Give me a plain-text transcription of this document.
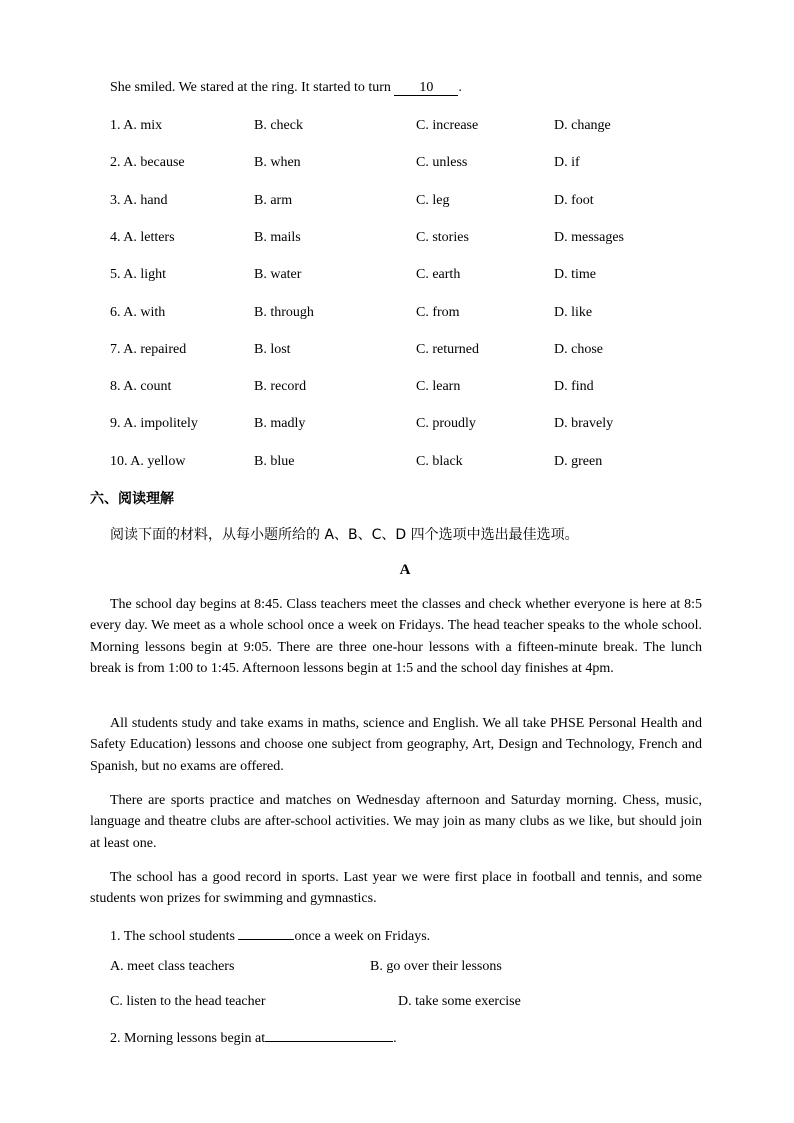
She smiled. We stared at the ring. It started to turn 10 .
1. A. mix	B. check	C. increase	D. change
2. A. because	B. when	C. unless	D. if
3. A. hand	B. arm	C. leg	D. foot
4. A. letters	B. mails	C. stories	D. messages
5. A. light	B. water	C. earth	D. time
6. A. with	B. through	C. from	D. like
7. A. repaired	B. lost	C. returned	D. chose
8. A. count	B. record	C. learn	D. find
9. A. impolitely	B. madly	C. proudly	D. bravely
10. A. yellow	B. blue	C. black	D. green
六、阅读理解
阅读下面的材料，从每小题所给的 A、B、C、D 四个选项中选出最佳选项。
A
The school day begins at 8:45. Class teachers meet the classes and check whether everyone is here at 8:5 every day. We meet as a whole school once a week on Fridays. The head teacher speaks to the whole school. Morning lessons begin at 9:05. There are three one-hour lessons with a fifteen-minute break. The lunch break is from 1:00 to 1:45. Afternoon lessons begin at 1:5 and the school day finishes at 4pm.
All students study and take exams in maths, science and English. We all take PHSE Personal Health and Safety Education) lessons and choose one subject from geography, Art, Design and Technology, French and Spanish, but no exams are offered.
There are sports practice and matches on Wednesday afternoon and Saturday morning. Chess, music, language and theatre clubs are after-school activities. We may join as many clubs as we like, but should join at least one.
The school has a good record in sports. Last year we were first place in football and tennis, and some students won prizes for swimming and gymnastics.
1. The school students	once a week on Fridays.
A. meet class teachers	B. go over their lessons
C. listen to the head teacher	D. take some exercise
2. Morning lessons begin at	.
